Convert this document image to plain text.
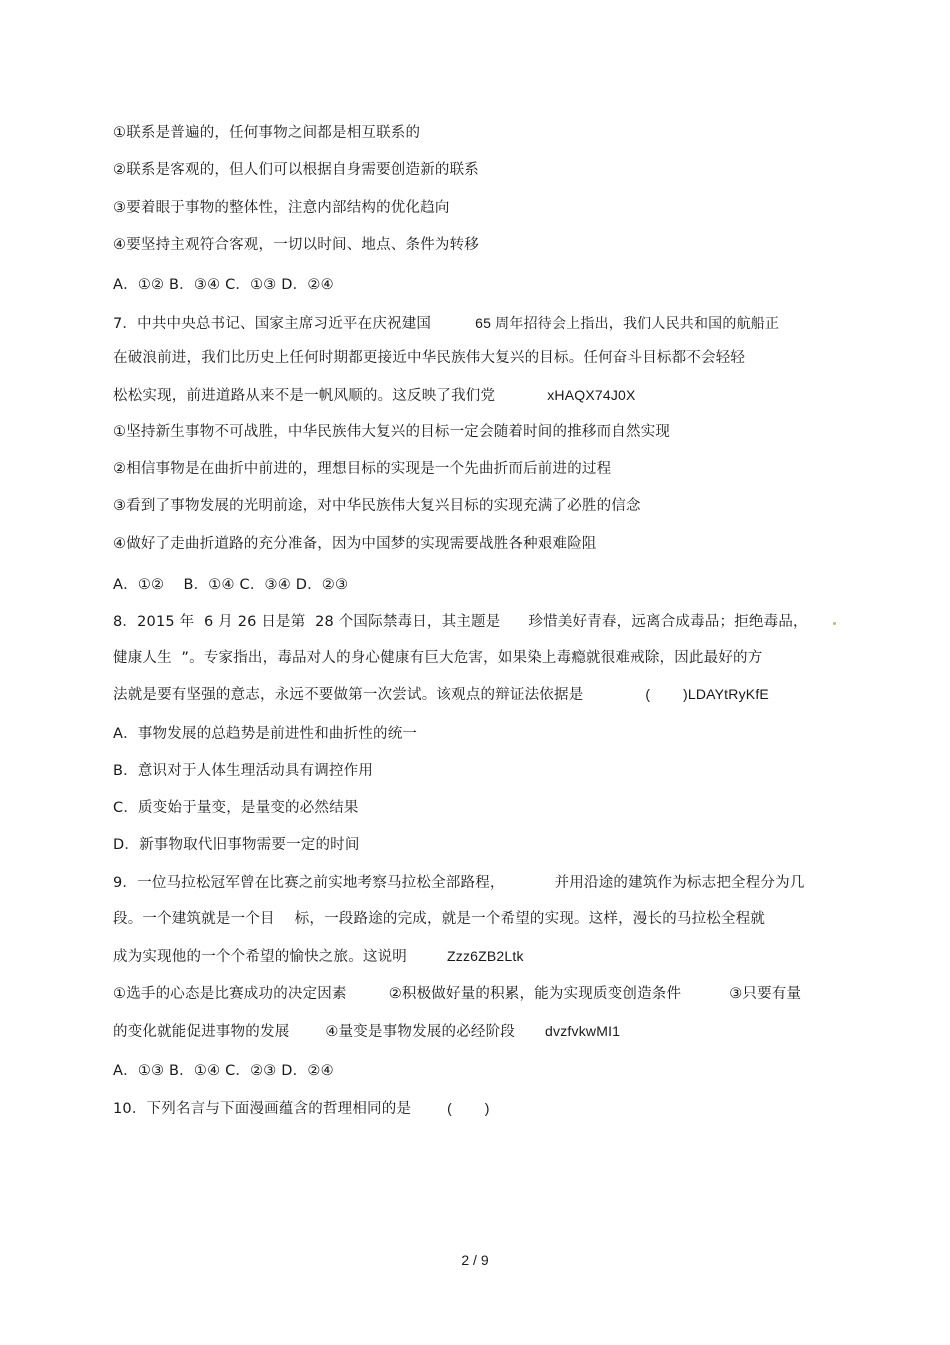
①联系是普遍的，任何事物之间都是相互联系的
②联系是客观的，但人们可以根据自身需要创造新的联系
③要着眼于事物的整体性，注意内部结构的优化趋向
④要坚持主观符合客观，一切以时间、地点、条件为转移
A．①② B．③④ C．①③ D．②④
7．中共中央总书记、国家主席习近平在庆祝建国	65 周年招待会上指出，我们人民共和国的航船正
在破浪前进，我们比历史上任何时期都更接近中华民族伟大复兴的目标。任何奋斗目标都不会轻轻
松松实现，前进道路从来不是一帆风顺的。这反映了我们党	xHAQX74J0X
①坚持新生事物不可战胜，中华民族伟大复兴的目标一定会随着时间的推移而自然实现
②相信事物是在曲折中前进的，理想目标的实现是一个先曲折而后前进的过程
③看到了事物发展的光明前途，对中华民族伟大复兴目标的实现充满了必胜的信念
④做好了走曲折道路的充分准备，因为中国梦的实现需要战胜各种艰难险阻
A．①②    B．①④ C．③④ D．②③
8．2015 年  6 月 26 日是第  28 个国际禁毒日，其主题是 珍惜美好青春，远离合成毒品；拒绝毒品，
健康人生  ”。专家指出，毒品对人的身心健康有巨大危害，如果染上毒瘾就很难戒除，因此最好的方
法就是要有坚强的意志，永远不要做第一次尝试。该观点的辩证法依据是	(        )LDAYtRyKfE
A．事物发展的总趋势是前进性和曲折性的统一
B．意识对于人体生理活动具有调控作用
C．质变始于量变，是量变的必然结果
D．新事物取代旧事物需要一定的时间
9．一位马拉松冠军曾在比赛之前实地考察马拉松全部路程，	并用沿途的建筑作为标志把全程分为几
段。一个建筑就是一个目 标，一段路途的完成，就是一个希望的实现。这样，漫长的马拉松全程就
成为实现他的一个个希望的愉快之旅。这说明	Zzz6ZB2Ltk
①选手的心态是比赛成功的决定因素	②积极做好量的积累，能为实现质变创造条件	③只要有量
的变化就能促进事物的发展 ④量变是事物发展的必经阶段 dvzfvkwMI1
A．①③ B．①④ C．②③ D．②④
10．下列名言与下面漫画蕴含的哲理相同的是	(        )
2 / 9
